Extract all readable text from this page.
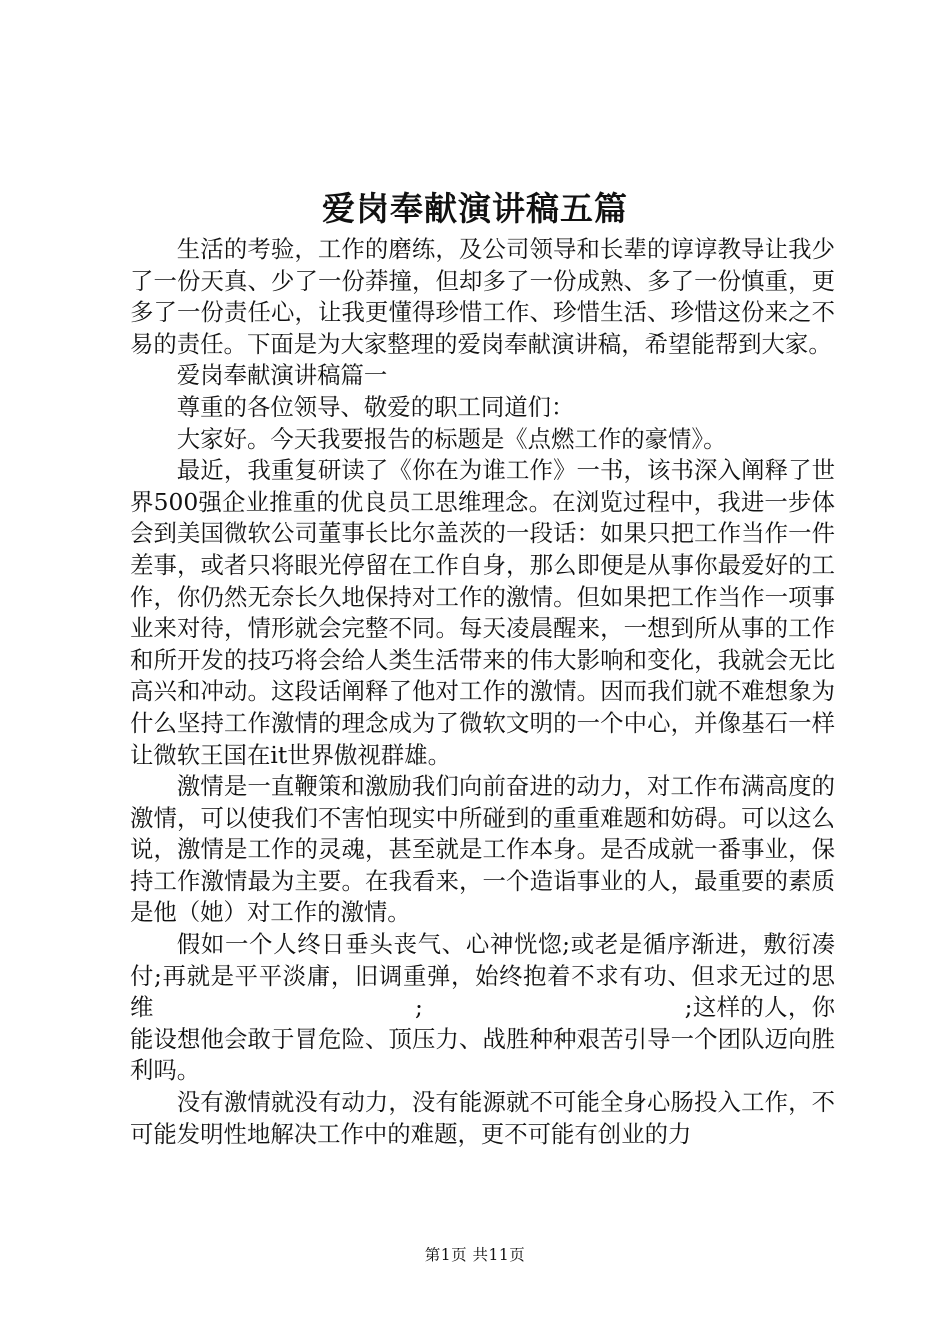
爱岗奉献演讲稿五篇

生活的考验，工作的磨练，及公司领导和长辈的谆谆教导让我少了一份天真、少了一份莽撞，但却多了一份成熟、多了一份慎重，更多了一份责任心，让我更懂得珍惜工作、珍惜生活、珍惜这份来之不易的责任。下面是为大家整理的爱岗奉献演讲稿，希望能帮到大家。

爱岗奉献演讲稿篇一

尊重的各位领导、敬爱的职工同道们：

大家好。今天我要报告的标题是《点燃工作的豪情》。

最近，我重复研读了《你在为谁工作》一书，该书深入阐释了世界500强企业推重的优良员工思维理念。在浏览过程中，我进一步体会到美国微软公司董事长比尔盖茨的一段话：如果只把工作当作一件差事，或者只将眼光停留在工作自身，那么即便是从事你最爱好的工作，你仍然无奈长久地保持对工作的激情。但如果把工作当作一项事业来对待，情形就会完整不同。每天凌晨醒来，一想到所从事的工作和所开发的技巧将会给人类生活带来的伟大影响和变化，我就会无比高兴和冲动。这段话阐释了他对工作的激情。因而我们就不难想象为什么坚持工作激情的理念成为了微软文明的一个中心，并像基石一样让微软王国在it世界傲视群雄。

激情是一直鞭策和激励我们向前奋进的动力，对工作布满高度的激情，可以使我们不害怕现实中所碰到的重重难题和妨碍。可以这么说，激情是工作的灵魂，甚至就是工作本身。是否成就一番事业，保持工作激情最为主要。在我看来，一个造诣事业的人，最重要的素质是他（她）对工作的激情。

假如一个人终日垂头丧气、心神恍惚;或老是循序渐进，敷衍凑付;再就是平平淡庸，旧调重弹，始终抱着不求有功、但求无过的思维　　　　　　　　　　　;　　　　　　　　　　　;这样的人，你能设想他会敢于冒危险、顶压力、战胜种种艰苦引导一个团队迈向胜利吗。

没有激情就没有动力，没有能源就不可能全身心肠投入工作，不可能发明性地解决工作中的难题，更不可能有创业的力

第1页 共11页
